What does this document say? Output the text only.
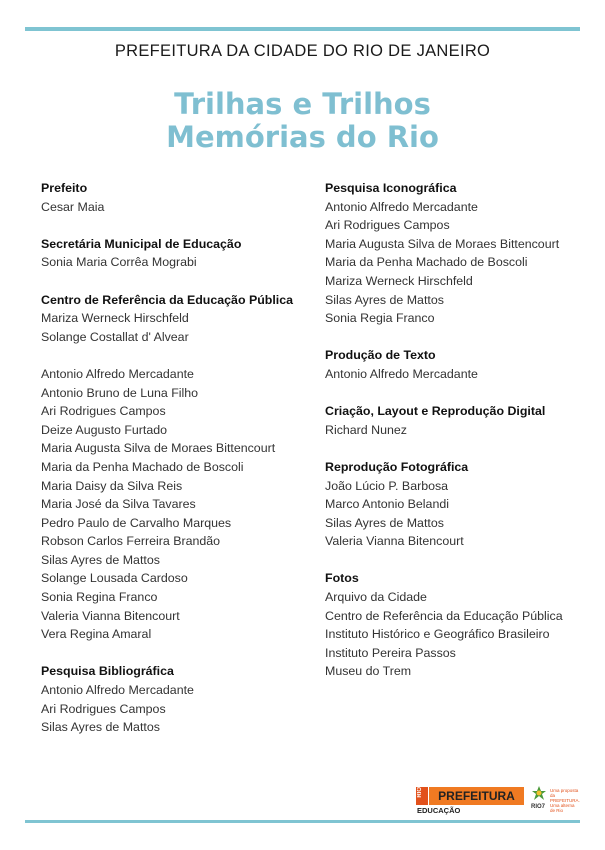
PREFEITURA DA CIDADE DO RIO DE JANEIRO
Trilhas e Trilhos
Memórias do Rio
Prefeito
Cesar Maia
Secretária Municipal de Educação
Sonia Maria Corrêa Mograbi
Centro de Referência da Educação Pública
Mariza Werneck Hirschfeld
Solange Costallat d' Alvear
Antonio Alfredo Mercadante
Antonio Bruno de Luna Filho
Ari Rodrigues Campos
Deize Augusto Furtado
Maria Augusta Silva de Moraes Bittencourt
Maria da Penha Machado de Boscoli
Maria Daisy da Silva Reis
Maria José da Silva Tavares
Pedro Paulo de Carvalho Marques
Robson Carlos Ferreira Brandão
Silas Ayres de Mattos
Solange Lousada Cardoso
Sonia Regina Franco
Valeria Vianna Bitencourt
Vera Regina Amaral
Pesquisa Bibliográfica
Antonio Alfredo Mercadante
Ari Rodrigues Campos
Silas Ayres de Mattos
Pesquisa Iconográfica
Antonio Alfredo Mercadante
Ari Rodrigues Campos
Maria Augusta Silva de Moraes Bittencourt
Maria da Penha Machado de Boscoli
Mariza Werneck Hirschfeld
Silas Ayres de Mattos
Sonia Regia Franco
Produção de Texto
Antonio Alfredo Mercadante
Criação, Layout e Reprodução Digital
Richard Nunez
Reprodução Fotográfica
João Lúcio P. Barbosa
Marco Antonio Belandi
Silas Ayres de Mattos
Valeria Vianna Bitencourt
Fotos
Arquivo da Cidade
Centro de Referência da Educação Pública
Instituto Histórico e Geográfico Brasileiro
Instituto Pereira Passos
Museu do Trem
RIO	PREFEITURA
EDUCAÇÃO	RIO7
Uma proposta da PREFEITURA. Uma alterna de Rio
